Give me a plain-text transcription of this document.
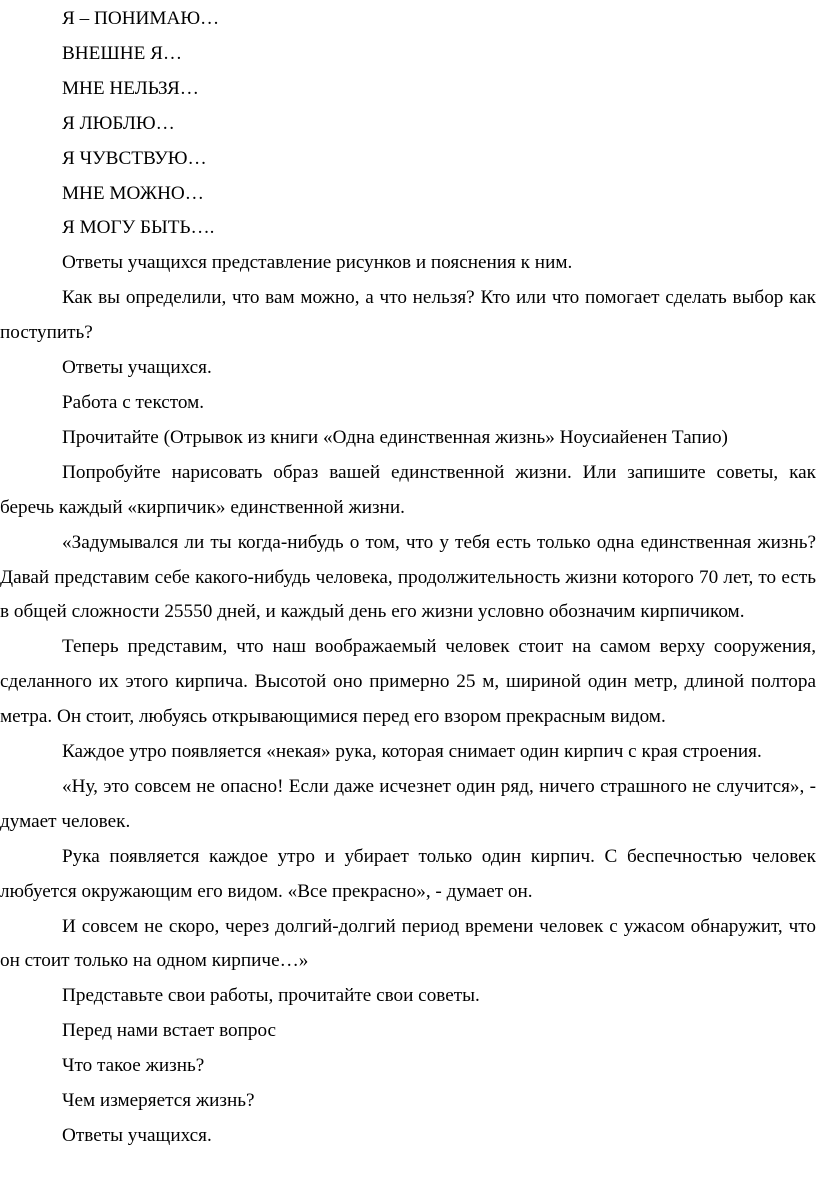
Я – ПОНИМАЮ…

ВНЕШНЕ Я…

МНЕ НЕЛЬЗЯ…

Я ЛЮБЛЮ…

Я ЧУВСТВУЮ…

МНЕ МОЖНО…

Я МОГУ БЫТЬ….

Ответы учащихся представление рисунков и пояснения к ним.

Как вы определили, что вам можно, а что нельзя? Кто или что помогает сделать выбор как поступить?

Ответы учащихся.

Работа с текстом.

Прочитайте (Отрывок из книги «Одна единственная жизнь» Ноусиайенен Тапио)

Попробуйте нарисовать образ вашей единственной жизни. Или запишите советы, как беречь каждый «кирпичик» единственной жизни.

«Задумывался ли ты когда-нибудь о том, что у тебя есть только одна единственная жизнь? Давай представим себе какого-нибудь человека, продолжительность жизни которого 70 лет, то есть в общей сложности 25550 дней, и каждый день его жизни условно обозначим кирпичиком.

Теперь представим, что наш воображаемый человек стоит на самом верху сооружения, сделанного их этого кирпича. Высотой оно примерно 25 м, шириной один метр, длиной полтора метра. Он стоит, любуясь открывающимися перед его взором прекрасным видом.

Каждое утро появляется «некая» рука, которая снимает один кирпич с края строения.

«Ну, это совсем не опасно! Если даже исчезнет один ряд, ничего страшного не случится», - думает человек.

Рука появляется каждое утро и убирает только один кирпич. С беспечностью человек любуется окружающим его видом. «Все прекрасно», - думает он.

И совсем не скоро, через долгий-долгий период времени человек с ужасом обнаружит, что он стоит только на одном кирпиче…»

Представьте свои работы, прочитайте свои советы.

Перед нами встает вопрос

Что такое жизнь?

Чем измеряется жизнь?

Ответы учащихся.
